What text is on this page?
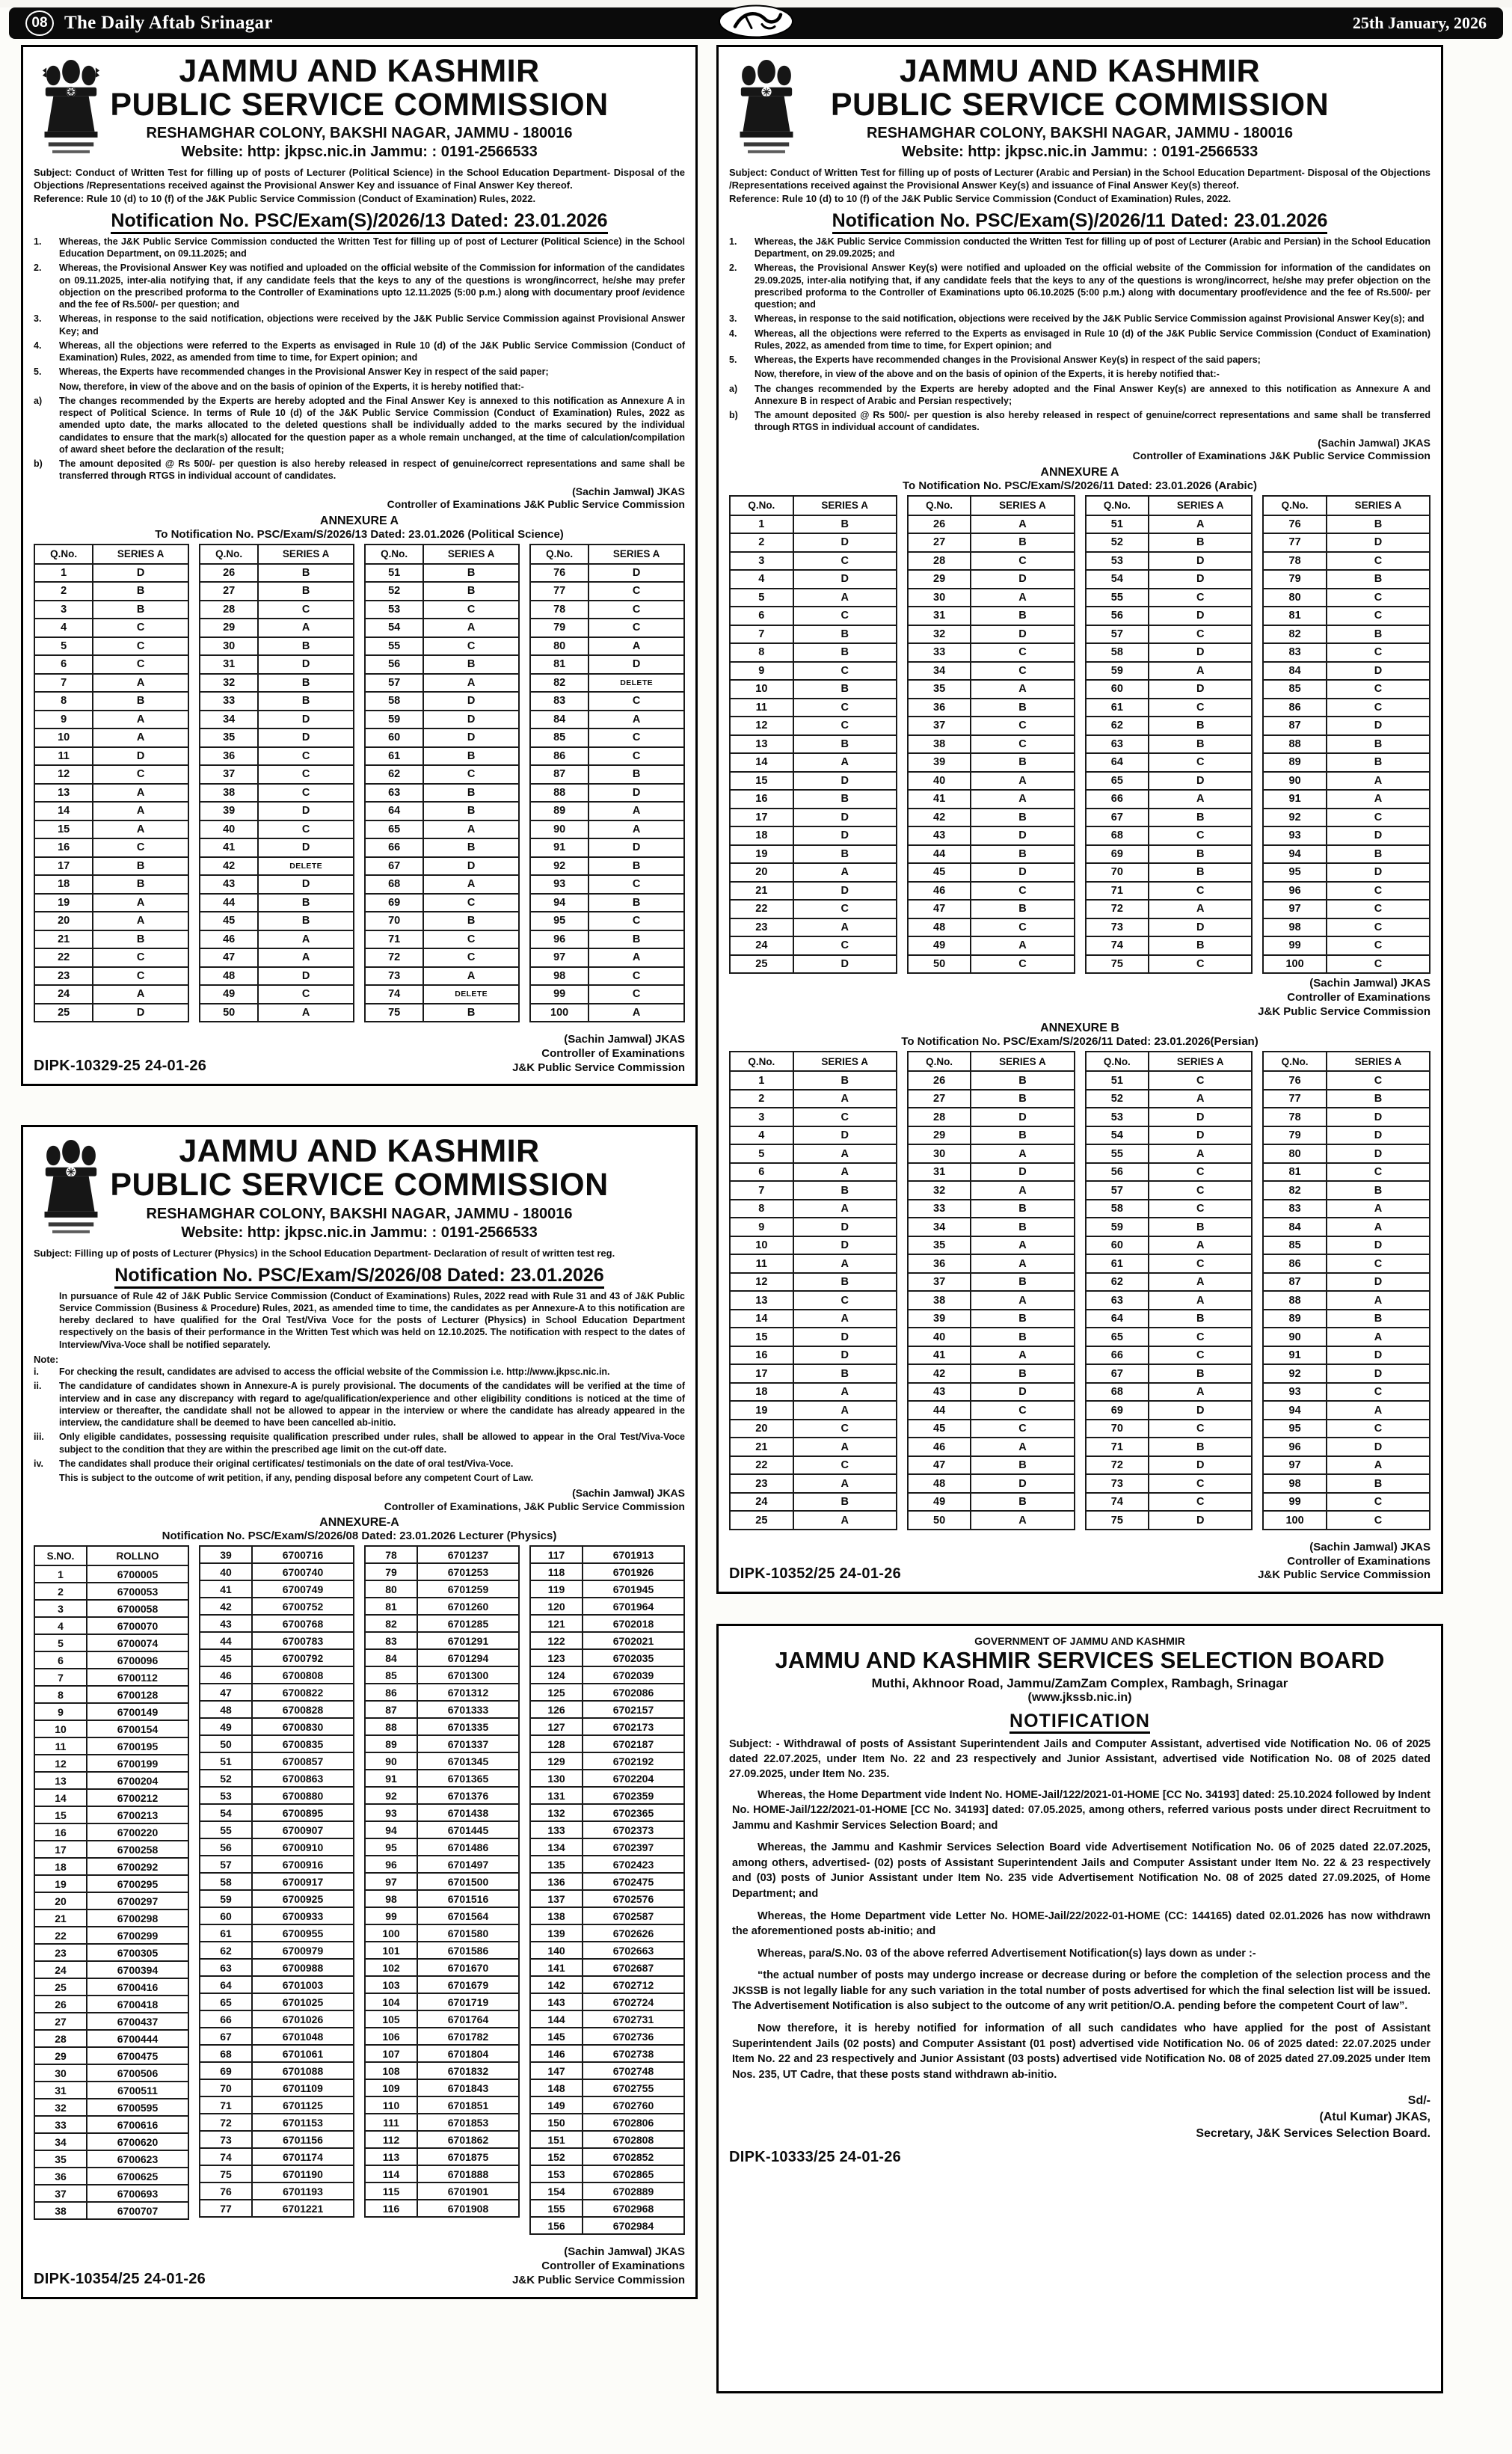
08 The Daily Aftab Srinagar	25th January, 2026
JAMMU AND KASHMIR
PUBLIC SERVICE COMMISSION
RESHAMGHAR COLONY, BAKSHI NAGAR, JAMMU - 180016
Website: http: jkpsc.nic.in Jammu: : 0191-2566533
Subject: Conduct of Written Test for filling up of posts of Lecturer (Political Science) in the School Education Department- Disposal of the Objections /Representations received against the Provisional Answer Key and issuance of Final Answer Key thereof.
Reference: Rule 10 (d) to 10 (f) of the J&K Public Service Commission (Conduct of Examination) Rules, 2022.
Notification No. PSC/Exam(S)/2026/13 Dated: 23.01.2026
1.	Whereas, the J&K Public Service Commission conducted the Written Test for filling up of post of Lecturer (Political Science) in the School Education Department, on 09.11.2025; and
2.	Whereas, the Provisional Answer Key was notified and uploaded on the official website of the Commission for information of the candidates on 09.11.2025, inter-alia notifying that, if any candidate feels that the keys to any of the questions is wrong/incorrect, he/she may prefer objection on the prescribed proforma to the Controller of Examinations upto 12.11.2025 (5:00 p.m.) along with documentary proof /evidence and the fee of Rs.500/- per question; and
3.	Whereas, in response to the said notification, objections were received by the J&K Public Service Commission against Provisional Answer Key; and
4.	Whereas, all the objections were referred to the Experts as envisaged in Rule 10 (d) of the J&K Public Service Commission (Conduct of Examination) Rules, 2022, as amended from time to time, for Expert opinion; and
5.	Whereas, the Experts have recommended changes in the Provisional Answer Key in respect of the said paper;
Now, therefore, in view of the above and on the basis of opinion of the Experts, it is hereby notified that:-
a)	The changes recommended by the Experts are hereby adopted and the Final Answer Key is annexed to this notification as Annexure A in respect of Political Science. In terms of Rule 10 (d) of the J&K Public Service Commission (Conduct of Examination) Rules, 2022 as amended upto date, the marks allocated to the deleted questions shall be individually added to the marks secured by the individual candidates to ensure that the mark(s) allocated for the question paper as a whole remain unchanged, at the time of calculation/compilation of award sheet before the declaration of the result;
b)	The amount deposited @ Rs 500/- per question is also hereby released in respect of genuine/correct representations and same shall be transferred through RTGS in individual account of candidates.
(Sachin Jamwal) JKAS
Controller of Examinations J&K Public Service Commission
ANNEXURE A
To Notification No. PSC/Exam/S/2026/13 Dated: 23.01.2026 (Political Science)
Q.No.	SERIES A
1	D
2	B
3	B
4	C
5	C
6	C
7	A
8	B
9	A
10	A
11	D
12	C
13	A
14	A
15	A
16	C
17	B
18	B
19	A
20	A
21	B
22	C
23	C
24	A
25	D
Q.No.	SERIES A
26	B
27	B
28	C
29	A
30	B
31	D
32	B
33	B
34	D
35	D
36	C
37	C
38	C
39	D
40	C
41	D
42	DELETE
43	D
44	B
45	B
46	A
47	A
48	D
49	C
50	A
Q.No.	SERIES A
51	B
52	B
53	C
54	A
55	C
56	B
57	A
58	D
59	D
60	D
61	B
62	C
63	B
64	B
65	A
66	B
67	D
68	A
69	C
70	B
71	C
72	C
73	A
74	DELETE
75	B
Q.No.	SERIES A
76	D
77	C
78	C
79	C
80	A
81	D
82	DELETE
83	C
84	A
85	C
86	C
87	B
88	D
89	A
90	A
91	D
92	B
93	C
94	B
95	C
96	B
97	A
98	C
99	C
100	A
DIPK-10329-25 24-01-26
(Sachin Jamwal) JKAS
Controller of Examinations
J&K Public Service Commission
JAMMU AND KASHMIR
PUBLIC SERVICE COMMISSION
RESHAMGHAR COLONY, BAKSHI NAGAR, JAMMU - 180016
Website: http: jkpsc.nic.in Jammu: : 0191-2566533
Subject: Filling up of posts of Lecturer (Physics) in the School Education Department- Declaration of result of written test reg.
Notification No. PSC/Exam/S/2026/08 Dated: 23.01.2026
In pursuance of Rule 42 of J&K Public Service Commission (Conduct of Examinations) Rules, 2022 read with Rule 31 and 43 of J&K Public Service Commission (Business & Procedure) Rules, 2021, as amended time to time, the candidates as per Annexure-A to this notification are hereby declared to have qualified for the Oral Test/Viva Voce for the posts of Lecturer (Physics) in School Education Department respectively on the basis of their performance in the Written Test which was held on 12.10.2025. The notification with respect to the dates of Interview/Viva-Voce shall be notified separately.
Note:
i.	For checking the result, candidates are advised to access the official website of the Commission i.e. http://www.jkpsc.nic.in.
ii.	The candidature of candidates shown in Annexure-A is purely provisional. The documents of the candidates will be verified at the time of interview and in case any discrepancy with regard to age/qualification/experience and other eligibility conditions is noticed at the time of interview or thereafter, the candidate shall not be allowed to appear in the interview or where the candidate has already appeared in the interview, the candidature shall be deemed to have been cancelled ab-initio.
iii.	Only eligible candidates, possessing requisite qualification prescribed under rules, shall be allowed to appear in the Oral Test/Viva-Voce subject to the condition that they are within the prescribed age limit on the cut-off date.
iv.	The candidates shall produce their original certificates/ testimonials on the date of oral test/Viva-Voce.
This is subject to the outcome of writ petition, if any, pending disposal before any competent Court of Law.
(Sachin Jamwal) JKAS
Controller of Examinations, J&K Public Service Commission
ANNEXURE-A
Notification No. PSC/Exam/S/2026/08 Dated: 23.01.2026 Lecturer (Physics)
S.NO.	ROLLNO
1	6700005
2	6700053
3	6700058
4	6700070
5	6700074
6	6700096
7	6700112
8	6700128
9	6700149
10	6700154
11	6700195
12	6700199
13	6700204
14	6700212
15	6700213
16	6700220
17	6700258
18	6700292
19	6700295
20	6700297
21	6700298
22	6700299
23	6700305
24	6700394
25	6700416
26	6700418
27	6700437
28	6700444
29	6700475
30	6700506
31	6700511
32	6700595
33	6700616
34	6700620
35	6700623
36	6700625
37	6700693
38	6700707
39	6700716
40	6700740
41	6700749
42	6700752
43	6700768
44	6700783
45	6700792
46	6700808
47	6700822
48	6700828
49	6700830
50	6700835
51	6700857
52	6700863
53	6700880
54	6700895
55	6700907
56	6700910
57	6700916
58	6700917
59	6700925
60	6700933
61	6700955
62	6700979
63	6700988
64	6701003
65	6701025
66	6701026
67	6701048
68	6701061
69	6701088
70	6701109
71	6701125
72	6701153
73	6701156
74	6701174
75	6701190
76	6701193
77	6701221
78	6701237
79	6701253
80	6701259
81	6701260
82	6701285
83	6701291
84	6701294
85	6701300
86	6701312
87	6701333
88	6701335
89	6701337
90	6701345
91	6701365
92	6701376
93	6701438
94	6701445
95	6701486
96	6701497
97	6701500
98	6701516
99	6701564
100	6701580
101	6701586
102	6701670
103	6701679
104	6701719
105	6701764
106	6701782
107	6701804
108	6701832
109	6701843
110	6701851
111	6701853
112	6701862
113	6701875
114	6701888
115	6701901
116	6701908
117	6701913
118	6701926
119	6701945
120	6701964
121	6702018
122	6702021
123	6702035
124	6702039
125	6702086
126	6702157
127	6702173
128	6702187
129	6702192
130	6702204
131	6702359
132	6702365
133	6702373
134	6702397
135	6702423
136	6702475
137	6702576
138	6702587
139	6702626
140	6702663
141	6702687
142	6702712
143	6702724
144	6702731
145	6702736
146	6702738
147	6702748
148	6702755
149	6702760
150	6702806
151	6702808
152	6702852
153	6702865
154	6702889
155	6702968
156	6702984
DIPK-10354/25 24-01-26
(Sachin Jamwal) JKAS
Controller of Examinations
J&K Public Service Commission
JAMMU AND KASHMIR
PUBLIC SERVICE COMMISSION
RESHAMGHAR COLONY, BAKSHI NAGAR, JAMMU - 180016
Website: http: jkpsc.nic.in Jammu: : 0191-2566533
Subject: Conduct of Written Test for filling up of posts of Lecturer (Arabic and Persian) in the School Education Department- Disposal of the Objections /Representations received against the Provisional Answer Key(s) and issuance of Final Answer Key(s) thereof.
Reference: Rule 10 (d) to 10 (f) of the J&K Public Service Commission (Conduct of Examination) Rules, 2022.
Notification No. PSC/Exam(S)/2026/11 Dated: 23.01.2026
1.	Whereas, the J&K Public Service Commission conducted the Written Test for filling up of post of Lecturer (Arabic and Persian) in the School Education Department, on 29.09.2025; and
2.	Whereas, the Provisional Answer Key(s) were notified and uploaded on the official website of the Commission for information of the candidates on 29.09.2025, inter-alia notifying that, if any candidate feels that the keys to any of the questions is wrong/incorrect, he/she may prefer objection on the prescribed proforma to the Controller of Examinations upto 06.10.2025 (5:00 p.m.) along with documentary proof/evidence and the fee of Rs.500/- per question; and
3.	Whereas, in response to the said notification, objections were received by the J&K Public Service Commission against Provisional Answer Key(s); and
4.	Whereas, all the objections were referred to the Experts as envisaged in Rule 10 (d) of the J&K Public Service Commission (Conduct of Examination) Rules, 2022, as amended from time to time, for Expert opinion; and
5.	Whereas, the Experts have recommended changes in the Provisional Answer Key(s) in respect of the said papers;
Now, therefore, in view of the above and on the basis of opinion of the Experts, it is hereby notified that:-
a)	The changes recommended by the Experts are hereby adopted and the Final Answer Key(s) are annexed to this notification as Annexure A and Annexure B in respect of Arabic and Persian respectively;
b)	The amount deposited @ Rs 500/- per question is also hereby released in respect of genuine/correct representations and same shall be transferred through RTGS in individual account of candidates.
(Sachin Jamwal) JKAS
Controller of Examinations J&K Public Service Commission
ANNEXURE A
To Notification No. PSC/Exam/S/2026/11 Dated: 23.01.2026 (Arabic)
Q.No.	SERIES A
1	B
2	D
3	C
4	D
5	A
6	C
7	B
8	B
9	C
10	B
11	C
12	C
13	B
14	A
15	D
16	B
17	D
18	D
19	B
20	A
21	D
22	C
23	A
24	C
25	D
Q.No.	SERIES A
26	A
27	B
28	C
29	D
30	A
31	B
32	D
33	C
34	C
35	A
36	B
37	C
38	C
39	B
40	A
41	A
42	B
43	D
44	B
45	D
46	C
47	B
48	C
49	A
50	C
Q.No.	SERIES A
51	A
52	B
53	D
54	D
55	C
56	D
57	C
58	D
59	A
60	D
61	C
62	B
63	B
64	C
65	D
66	A
67	B
68	C
69	B
70	B
71	C
72	A
73	D
74	B
75	C
Q.No.	SERIES A
76	B
77	D
78	C
79	B
80	C
81	C
82	B
83	C
84	D
85	C
86	C
87	D
88	B
89	B
90	A
91	A
92	C
93	D
94	B
95	D
96	C
97	C
98	C
99	C
100	C
(Sachin Jamwal) JKAS
Controller of Examinations
J&K Public Service Commission
ANNEXURE B
To Notification No. PSC/Exam/S/2026/11 Dated: 23.01.2026(Persian)
Q.No.	SERIES A
1	B
2	A
3	C
4	D
5	A
6	A
7	B
8	A
9	D
10	D
11	A
12	B
13	C
14	A
15	D
16	D
17	B
18	A
19	A
20	C
21	A
22	C
23	A
24	B
25	A
Q.No.	SERIES A
26	B
27	B
28	D
29	B
30	A
31	D
32	A
33	B
34	B
35	A
36	A
37	B
38	A
39	B
40	B
41	A
42	B
43	D
44	C
45	C
46	A
47	B
48	D
49	B
50	A
Q.No.	SERIES A
51	C
52	A
53	D
54	D
55	A
56	C
57	C
58	C
59	B
60	A
61	C
62	A
63	A
64	B
65	C
66	C
67	B
68	A
69	D
70	C
71	B
72	D
73	C
74	C
75	D
Q.No.	SERIES A
76	C
77	B
78	D
79	D
80	D
81	C
82	B
83	A
84	A
85	D
86	C
87	D
88	A
89	B
90	A
91	D
92	D
93	C
94	A
95	C
96	D
97	A
98	B
99	C
100	C
DIPK-10352/25 24-01-26
(Sachin Jamwal) JKAS
Controller of Examinations
J&K Public Service Commission
GOVERNMENT OF JAMMU AND KASHMIR
JAMMU AND KASHMIR SERVICES SELECTION BOARD
Muthi, Akhnoor Road, Jammu/ZamZam Complex, Rambagh, Srinagar
(www.jkssb.nic.in)
NOTIFICATION
Subject: - Withdrawal of posts of Assistant Superintendent Jails and Computer Assistant, advertised vide Notification No. 06 of 2025 dated 22.07.2025, under Item No. 22 and 23 respectively and Junior Assistant, advertised vide Notification No. 08 of 2025 dated 27.09.2025, under Item No. 235.
Whereas, the Home Department vide Indent No. HOME-Jail/122/2021-01-HOME [CC No. 34193] dated: 25.10.2024 followed by Indent No. HOME-Jail/122/2021-01-HOME [CC No. 34193] dated: 07.05.2025, among others, referred various posts under direct Recruitment to Jammu and Kashmir Services Selection Board; and
Whereas, the Jammu and Kashmir Services Selection Board vide Advertisement Notification No. 06 of 2025 dated 22.07.2025, among others, advertised- (02) posts of Assistant Superintendent Jails and Computer Assistant under Item No. 22 & 23 respectively and (03) posts of Junior Assistant under Item No. 235 vide Advertisement Notification No. 08 of 2025 dated 27.09.2025, of Home Department; and
Whereas, the Home Department vide Letter No. HOME-Jail/22/2022-01-HOME (CC: 144165) dated 02.01.2026 has now withdrawn the aforementioned posts ab-initio; and
Whereas, para/S.No. 03 of the above referred Advertisement Notification(s) lays down as under :-
“the actual number of posts may undergo increase or decrease during or before the completion of the selection process and the JKSSB is not legally liable for any such variation in the total number of posts advertised for which the final selection list will be issued. The Advertisement Notification is also subject to the outcome of any writ petition/O.A. pending before the competent Court of law”.
Now therefore, it is hereby notified for information of all such candidates who have applied for the post of Assistant Superintendent Jails (02 posts) and Computer Assistant (01 post) advertised vide Notification No. 06 of 2025 dated: 22.07.2025 under Item No. 22 and 23 respectively and Junior Assistant (03 posts) advertised vide Notification No. 08 of 2025 dated 27.09.2025 under Item Nos. 235, UT Cadre, that these posts stand withdrawn ab-initio.
Sd/-
(Atul Kumar) JKAS,
Secretary, J&K Services Selection Board.
DIPK-10333/25 24-01-26
